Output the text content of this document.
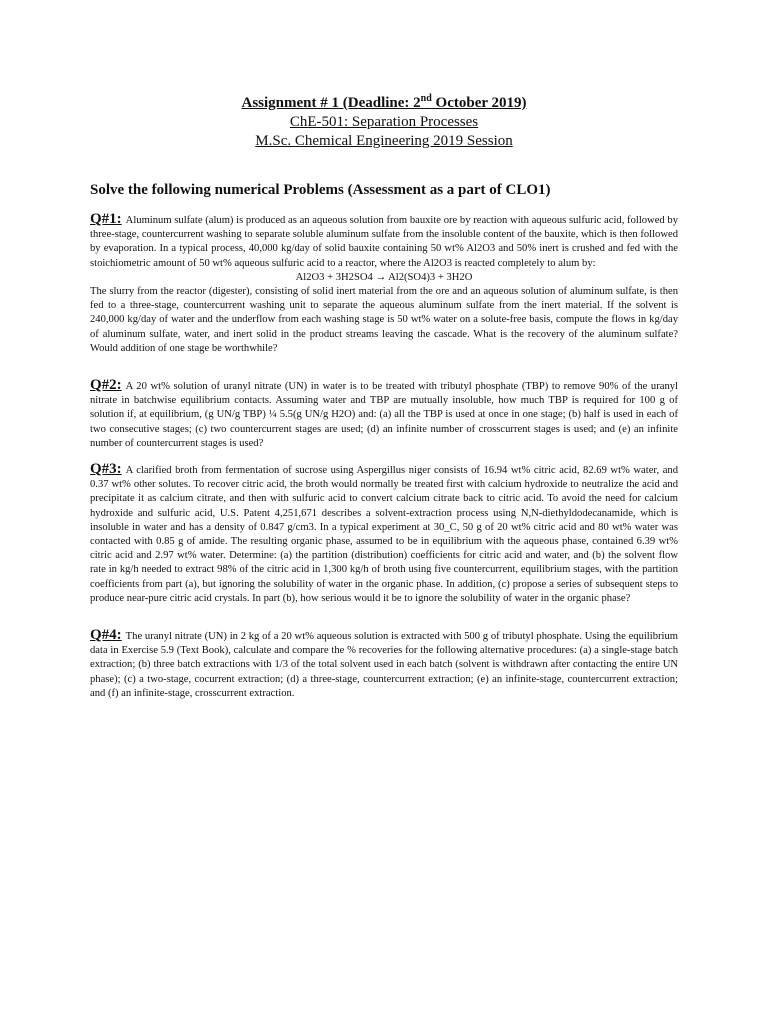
Assignment # 1 (Deadline: 2nd October 2019)
ChE-501: Separation Processes
M.Sc. Chemical Engineering 2019 Session
Solve the following numerical Problems (Assessment as a part of CLO1)

Q#1: Aluminum sulfate (alum) is produced as an aqueous solution from bauxite ore by reaction with aqueous sulfuric acid, followed by three-stage, countercurrent washing to separate soluble aluminum sulfate from the insoluble content of the bauxite, which is then followed by evaporation. In a typical process, 40,000 kg/day of solid bauxite containing 50 wt% Al2O3 and 50% inert is crushed and fed with the stoichiometric amount of 50 wt% aqueous sulfuric acid to a reactor, where the Al2O3 is reacted completely to alum by:

Al2O3 + 3H2SO4 → Al2(SO4)3 + 3H2O

The slurry from the reactor (digester), consisting of solid inert material from the ore and an aqueous solution of aluminum sulfate, is then fed to a three-stage, countercurrent washing unit to separate the aqueous aluminum sulfate from the inert material. If the solvent is 240,000 kg/day of water and the underflow from each washing stage is 50 wt% water on a solute-free basis, compute the flows in kg/day of aluminum sulfate, water, and inert solid in the product streams leaving the cascade. What is the recovery of the aluminum sulfate? Would addition of one stage be worthwhile?

Q#2: A 20 wt% solution of uranyl nitrate (UN) in water is to be treated with tributyl phosphate (TBP) to remove 90% of the uranyl nitrate in batchwise equilibrium contacts. Assuming water and TBP are mutually insoluble, how much TBP is required for 100 g of solution if, at equilibrium, (g UN/g TBP) ¼ 5.5(g UN/g H2O) and: (a) all the TBP is used at once in one stage; (b) half is used in each of two consecutive stages; (c) two countercurrent stages are used; (d) an infinite number of crosscurrent stages is used; and (e) an infinite number of countercurrent stages is used?

Q#3: A clarified broth from fermentation of sucrose using Aspergillus niger consists of 16.94 wt% citric acid, 82.69 wt% water, and 0.37 wt% other solutes. To recover citric acid, the broth would normally be treated first with calcium hydroxide to neutralize the acid and precipitate it as calcium citrate, and then with sulfuric acid to convert calcium citrate back to citric acid. To avoid the need for calcium hydroxide and sulfuric acid, U.S. Patent 4,251,671 describes a solvent-extraction process using N,N-diethyldodecanamide, which is insoluble in water and has a density of 0.847 g/cm3. In a typical experiment at 30_C, 50 g of 20 wt% citric acid and 80 wt% water was contacted with 0.85 g of amide. The resulting organic phase, assumed to be in equilibrium with the aqueous phase, contained 6.39 wt% citric acid and 2.97 wt% water. Determine: (a) the partition (distribution) coefficients for citric acid and water, and (b) the solvent flow rate in kg/h needed to extract 98% of the citric acid in 1,300 kg/h of broth using five countercurrent, equilibrium stages, with the partition coefficients from part (a), but ignoring the solubility of water in the organic phase. In addition, (c) propose a series of subsequent steps to produce near-pure citric acid crystals. In part (b), how serious would it be to ignore the solubility of water in the organic phase?

Q#4: The uranyl nitrate (UN) in 2 kg of a 20 wt% aqueous solution is extracted with 500 g of tributyl phosphate. Using the equilibrium data in Exercise 5.9 (Text Book), calculate and compare the % recoveries for the following alternative procedures: (a) a single-stage batch extraction; (b) three batch extractions with 1/3 of the total solvent used in each batch (solvent is withdrawn after contacting the entire UN phase); (c) a two-stage, cocurrent extraction; (d) a three-stage, countercurrent extraction; (e) an infinite-stage, countercurrent extraction; and (f) an infinite-stage, crosscurrent extraction.
